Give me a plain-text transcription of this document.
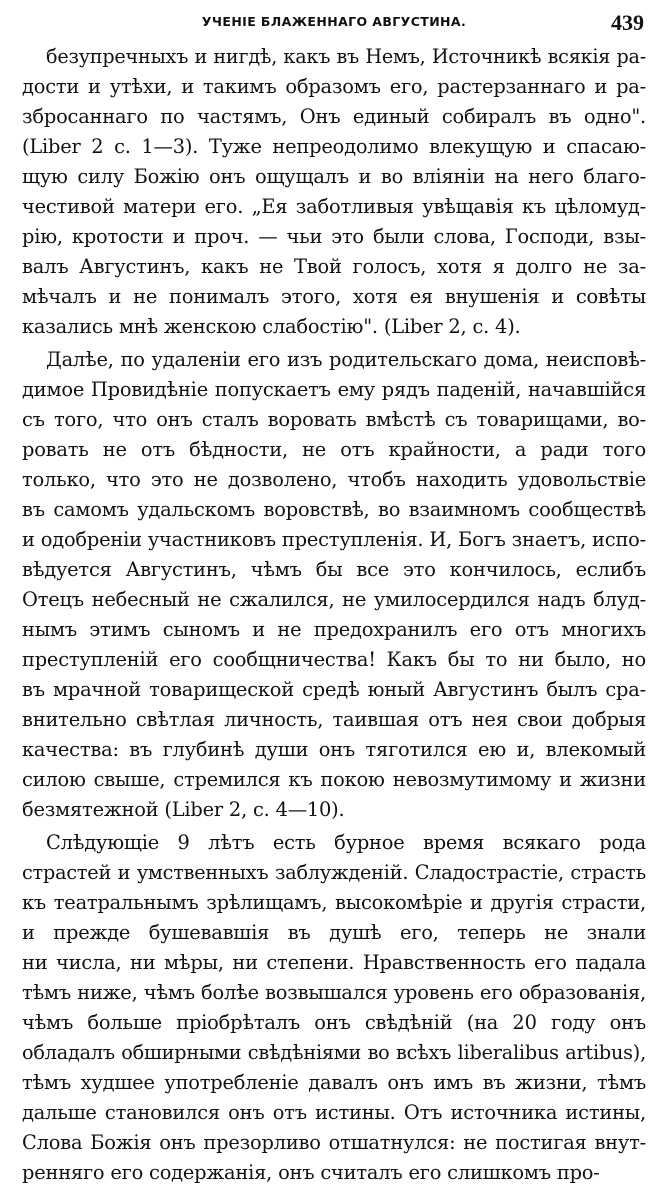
УЧЕНІЕ БЛАЖЕННАГО АВГУСТИНА.	439
безупречныхъ и нигдѣ, какъ въ Немъ, Источникѣ всякія ра-
дости и утѣхи, и такимъ образомъ его, растерзаннаго и ра-
збросаннаго по частямъ, Онъ единый собиралъ въ одно".
(Liber 2 c. 1—3). Туже непреодолимо влекущую и спасаю-
щую силу Божію онъ ощущалъ и во вліяніи на него благо-
честивой матери его. „Ея заботливыя увѣщавія къ цѣломуд-
рію, кротости и проч. — чьи это были слова, Господи, взы-
валъ Августинъ, какъ не Твой голосъ, хотя я долго не за-
мѣчалъ и не понималъ этого, хотя ея внушенія и совѣты
казались мнѣ женскою слабостію". (Liber 2, c. 4).
Далѣе, по удаленіи его изъ родительскаго дома, неисповѣ-
димое Провидѣніе попускаетъ ему рядъ паденій, начавшійся
съ того, что онъ сталъ воровать вмѣстѣ съ товарищами, во-
ровать не отъ бѣдности, не отъ крайности, а ради того
только, что это не дозволено, чтобъ находить удовольствіе
въ самомъ удальскомъ воровствѣ, во взаимномъ сообществѣ
и одобреніи участниковъ преступленія. И, Богъ знаетъ, испо-
вѣдуется Августинъ, чѣмъ бы все это кончилось, еслибъ
Отецъ небесный не сжалился, не умилосердился надъ блуд-
нымъ этимъ сыномъ и не предохранилъ его отъ многихъ
преступленій его сообщничества! Какъ бы то ни было, но
въ мрачной товарищеской средѣ юный Августинъ былъ сра-
внительно свѣтлая личность, таившая отъ нея свои добрыя
качества: въ глубинѣ души онъ тяготился ею и, влекомый
силою свыше, стремился къ покою невозмутимому и жизни
безмятежной (Liber 2, c. 4—10).
Слѣдующіе 9 лѣтъ есть бурное время всякаго рода
страстей и умственныхъ заблужденій. Сладострастіе, страсть
къ театральнымъ зрѣлищамъ, высокомѣріе и другія страсти,
и прежде бушевавшія въ душѣ его, теперь не знали
ни числа, ни мѣры, ни степени. Нравственность его падала
тѣмъ ниже, чѣмъ болѣе возвышался уровень его образованія,
чѣмъ больше пріобрѣталъ онъ свѣдѣній (на 20 году онъ
обладалъ обширными свѣдѣніями во всѣхъ liberalibus artibus),
тѣмъ худшее употребленіе давалъ онъ имъ въ жизни, тѣмъ
дальше становился онъ отъ истины. Отъ источника истины,
Слова Божія онъ презорливо отшатнулся: не постигая внут-
ренняго его содержанія, онъ считалъ его слишкомъ про-
